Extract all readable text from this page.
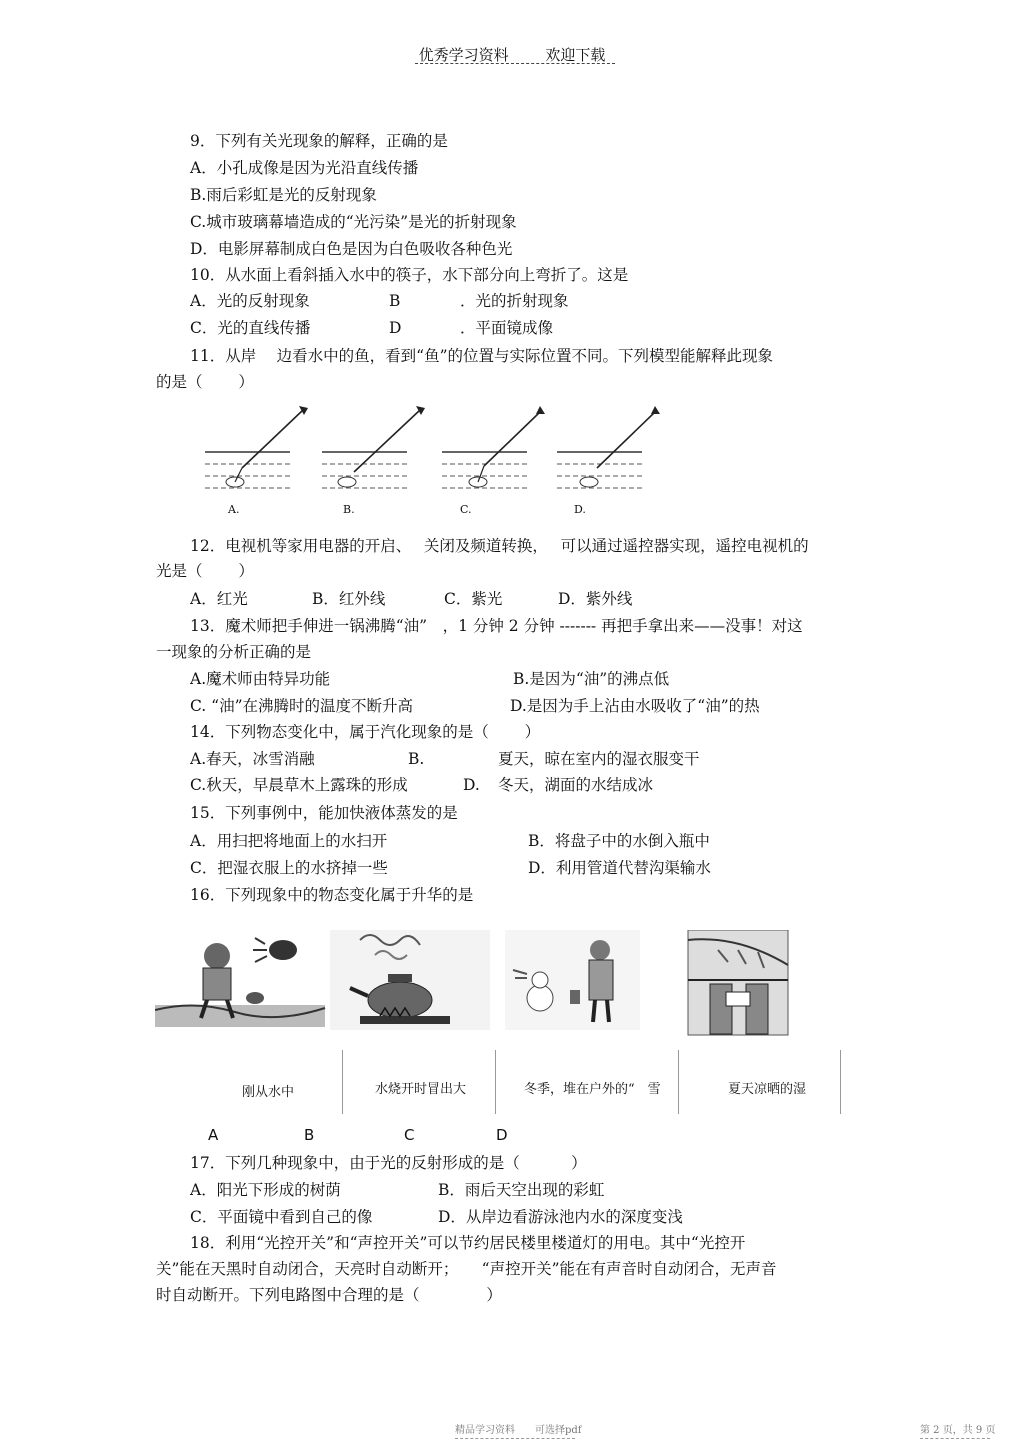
优秀学习资料 欢迎下载
9．下列有关光现象的解释，正确的是
A．小孔成像是因为光沿直线传播
B.雨后彩虹是光的反射现象
C.城市玻璃幕墙造成的“光污染”是光的折射现象
D．电影屏幕制成白色是因为白色吸收各种色光
10．从水面上看斜插入水中的筷子，水下部分向上弯折了。这是
A．光的反射现象	B	．光的折射现象
C．光的直线传播	D	．平面镜成像
11．从岸　 边看水中的鱼，看到“鱼”的位置与实际位置不同。下列模型能解释此现象
的是（　　 ）
A.	B.	C.	D.
12．电视机等家用电器的开启、　 关闭及频道转换，　 可以通过遥控器实现，遥控电视机的
光是（　　 ）
A．红光	B．红外线	C．紫光	D．紫外线
13．魔术师把手伸进一锅沸腾“油”　，1 分钟 2 分钟 ------- 再把手拿出来——没事！对这
一现象的分析正确的是
A.魔术师由特异功能	B.是因为“油”的沸点低
C. “油”在沸腾时的温度不断升高	D.是因为手上沾由水吸收了“油”的热
14．下列物态变化中，属于汽化现象的是（　　 ）
A.春天，冰雪消融	B.	夏天，晾在室内的湿衣服变干
C.秋天，早晨草木上露珠的形成	D. 冬天，湖面的水结成冰
15．下列事例中，能加快液体蒸发的是
A．用扫把将地面上的水扫开	B．将盘子中的水倒入瓶中
C．把湿衣服上的水挤掉一些	D．利用管道代替沟渠输水
16．下列现象中的物态变化属于升华的是
刚从水中	水烧开时冒出大	冬季，堆在户外的“　雪	夏天凉晒的湿
A	B	C	D
17．下列几种现象中，由于光的反射形成的是（　　　 ）
A．阳光下形成的树荫	B．雨后天空出现的彩虹
C．平面镜中看到自己的像	D．从岸边看游泳池内水的深度变浅
18．利用“光控开关”和“声控开关”可以节约居民楼里楼道灯的用电。其中“光控开
关”能在天黑时自动闭合，天亮时自动断开；　　“声控开关”能在有声音时自动闭合，无声音
时自动断开。下列电路图中合理的是（　　　　 ）
精品学习资料　　可选择pdf	第 2 页，共 9 页
